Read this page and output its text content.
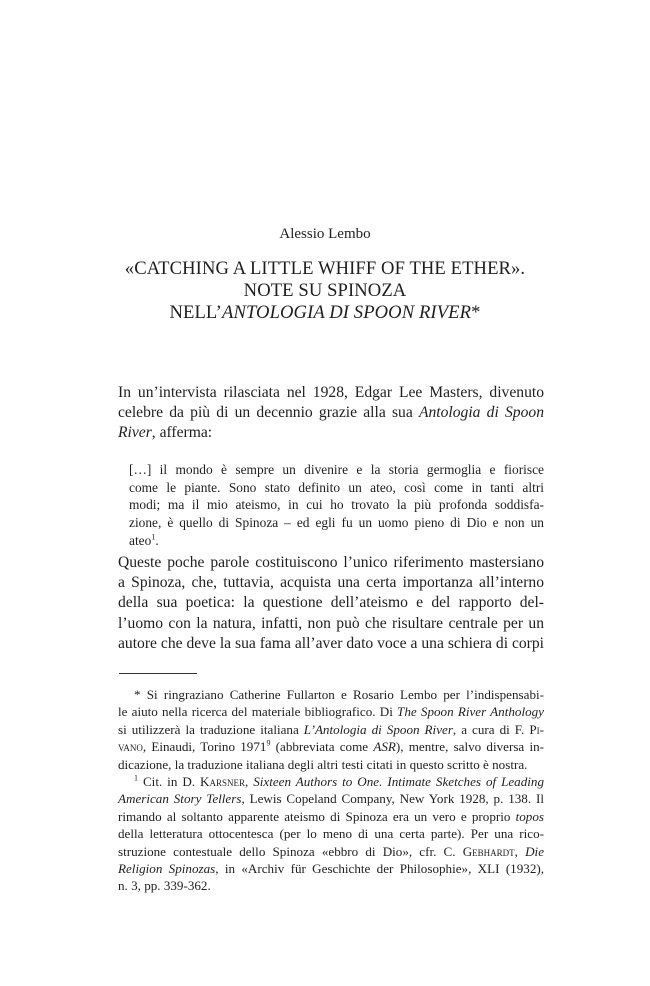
Alessio Lembo
«CATCHING A LITTLE WHIFF OF THE ETHER».
NOTE SU SPINOZA
NELL’ANTOLOGIA DI SPOON RIVER*
In un’intervista rilasciata nel 1928, Edgar Lee Masters, divenuto
celebre da più di un decennio grazie alla sua Antologia di Spoon
River, afferma:
[…] il mondo è sempre un divenire e la storia germoglia e fiorisce
come le piante. Sono stato definito un ateo, così come in tanti altri
modi; ma il mio ateismo, in cui ho trovato la più profonda soddisfa-
zione, è quello di Spinoza – ed egli fu un uomo pieno di Dio e non un
ateo$^1$.
Queste poche parole costituiscono l’unico riferimento mastersiano
a Spinoza, che, tuttavia, acquista una certa importanza all’interno
della sua poetica: la questione dell’ateismo e del rapporto del-
l’uomo con la natura, infatti, non può che risultare centrale per un
autore che deve la sua fama all’aver dato voce a una schiera di corpi
* Si ringraziano Catherine Fullarton e Rosario Lembo per l’indispensabi-
le aiuto nella ricerca del materiale bibliografico. Di The Spoon River Anthology
si utilizzerà la traduzione italiana L’Antologia di Spoon River, a cura di F. Pi-
vano, Einaudi, Torino 1971$^9$ (abbreviata come ASR), mentre, salvo diversa in-
dicazione, la traduzione italiana degli altri testi citati in questo scritto è nostra.
$^1$ Cit. in D. Karsner, Sixteen Authors to One. Intimate Sketches of Leading
American Story Tellers, Lewis Copeland Company, New York 1928, p. 138. Il
rimando al soltanto apparente ateismo di Spinoza era un vero e proprio topos
della letteratura ottocentesca (per lo meno di una certa parte). Per una rico-
struzione contestuale dello Spinoza «ebbro di Dio», cfr. C. Gebhardt, Die
Religion Spinozas, in «Archiv für Geschichte der Philosophie», XLI (1932),
n. 3, pp. 339-362.
